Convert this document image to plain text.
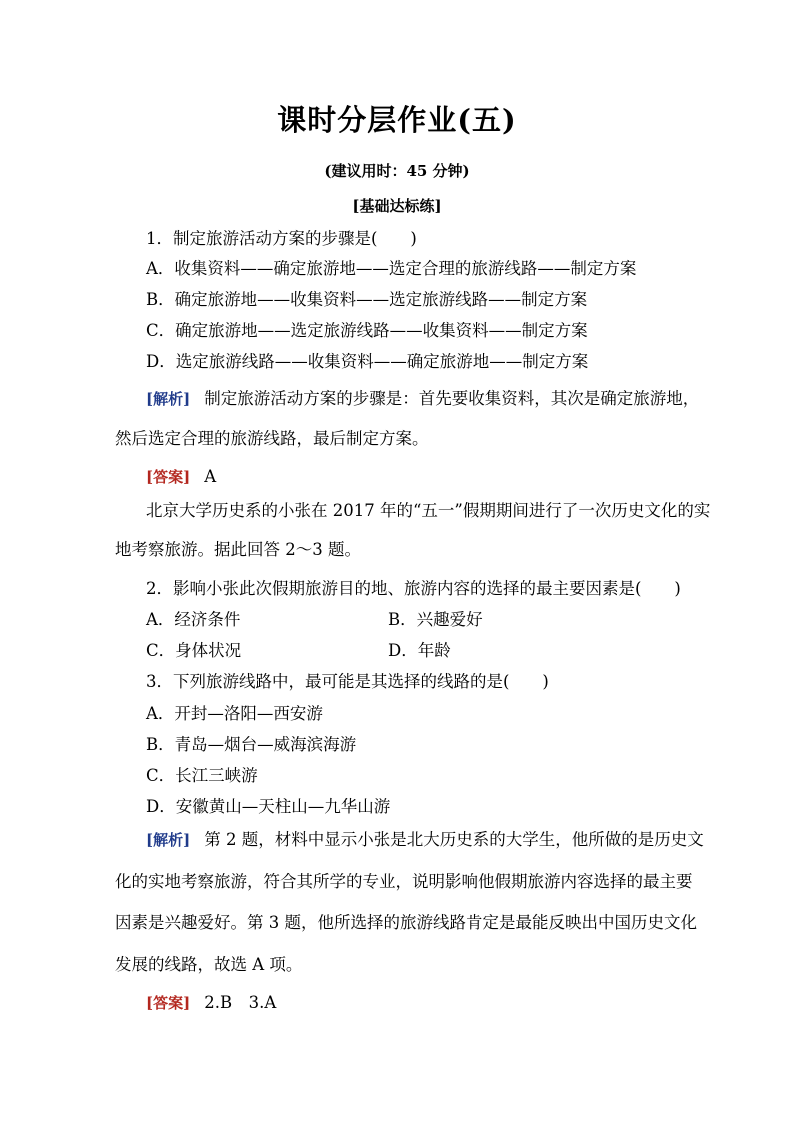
课时分层作业(五)
(建议用时：45 分钟)
[基础达标练]
1．制定旅游活动方案的步骤是(　　)
A．收集资料——确定旅游地——选定合理的旅游线路——制定方案
B．确定旅游地——收集资料——选定旅游线路——制定方案
C．确定旅游地——选定旅游线路——收集资料——制定方案
D．选定旅游线路——收集资料——确定旅游地——制定方案
[解析] 制定旅游活动方案的步骤是：首先要收集资料，其次是确定旅游地，
然后选定合理的旅游线路，最后制定方案。
[答案] A
北京大学历史系的小张在 2017 年的“五一”假期期间进行了一次历史文化的实
地考察旅游。据此回答 2～3 题。
2．影响小张此次假期旅游目的地、旅游内容的选择的最主要因素是(　　)
A．经济条件	B．兴趣爱好
C．身体状况	D．年龄
3．下列旅游线路中，最可能是其选择的线路的是(　　)
A．开封—洛阳—西安游
B．青岛—烟台—威海滨海游
C．长江三峡游
D．安徽黄山—天柱山—九华山游
[解析] 第 2 题，材料中显示小张是北大历史系的大学生，他所做的是历史文
化的实地考察旅游，符合其所学的专业，说明影响他假期旅游内容选择的最主要
因素是兴趣爱好。第 3 题，他所选择的旅游线路肯定是最能反映出中国历史文化
发展的线路，故选 A 项。
[答案] 2.B　3.A
